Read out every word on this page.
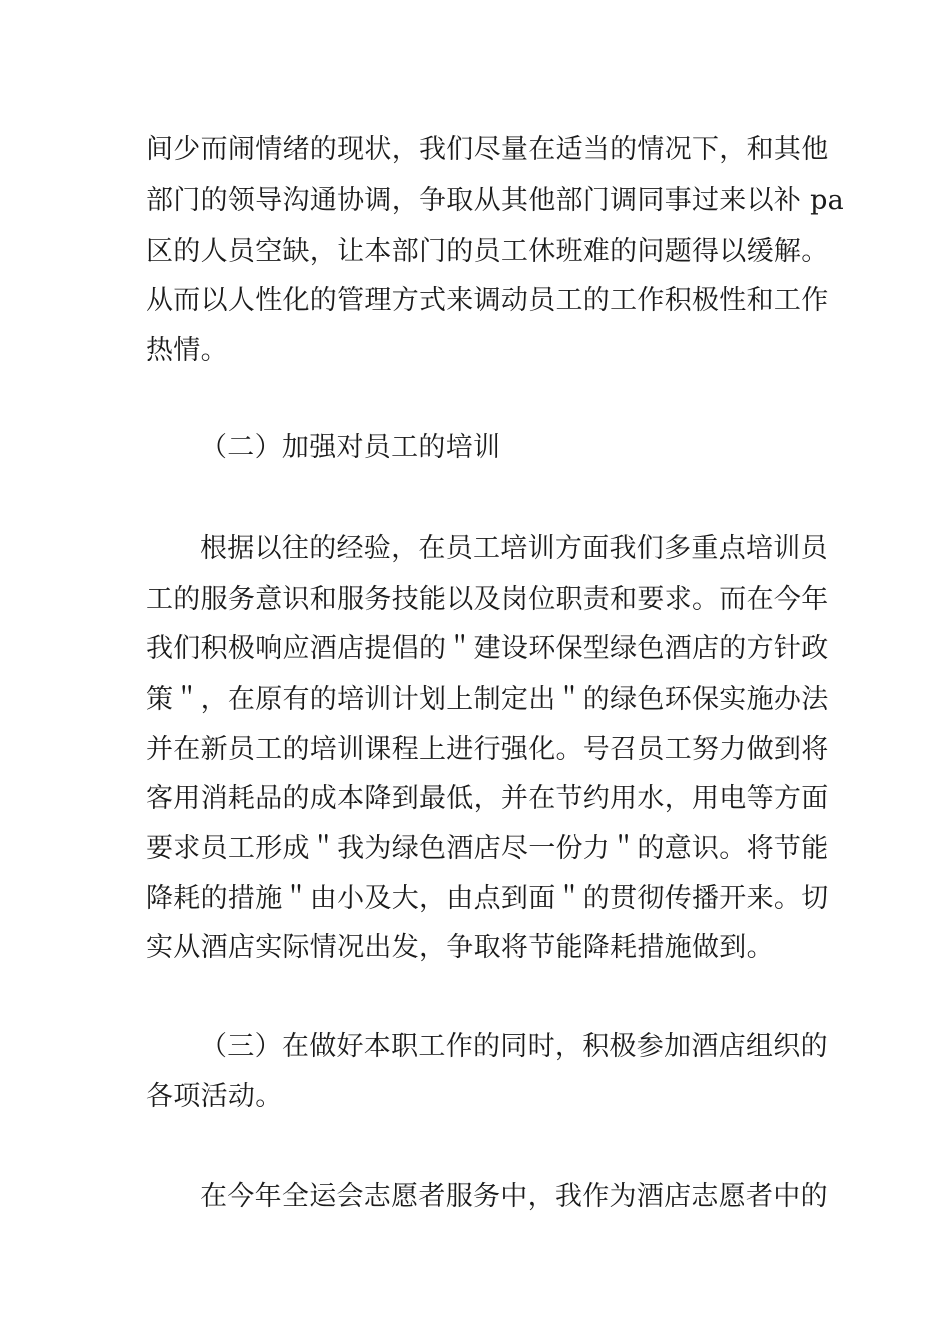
间少而闹情绪的现状，我们尽量在适当的情况下，和其他
部门的领导沟通协调，争取从其他部门调同事过来以补 pa
区的人员空缺，让本部门的员工休班难的问题得以缓解。
从而以人性化的管理方式来调动员工的工作积极性和工作
热情。
（二）加强对员工的培训
根据以往的经验，在员工培训方面我们多重点培训员
工的服务意识和服务技能以及岗位职责和要求。而在今年
我们积极响应酒店提倡的＂建设环保型绿色酒店的方针政
策＂，在原有的培训计划上制定出＂的绿色环保实施办法
并在新员工的培训课程上进行强化。号召员工努力做到将
客用消耗品的成本降到最低，并在节约用水，用电等方面
要求员工形成＂我为绿色酒店尽一份力＂的意识。将节能
降耗的措施＂由小及大，由点到面＂的贯彻传播开来。切
实从酒店实际情况出发，争取将节能降耗措施做到。
（三）在做好本职工作的同时，积极参加酒店组织的
各项活动。
在今年全运会志愿者服务中，我作为酒店志愿者中的
